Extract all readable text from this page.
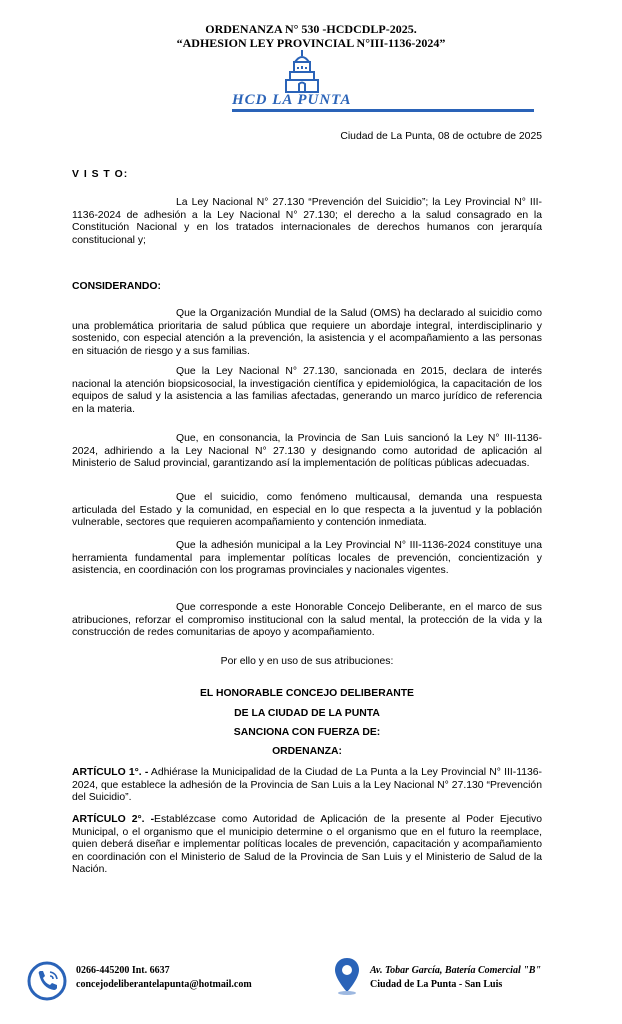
ORDENANZA N° 530 -HCDCDLP-2025.
“ADHESION LEY PROVINCIAL N°III-1136-2024”
HCD LA PUNTA
Ciudad de La Punta, 08 de octubre de 2025
V I S T O:

La Ley Nacional N° 27.130 “Prevención del Suicidio”; la Ley Provincial N° III-1136-2024 de adhesión a la Ley Nacional N° 27.130; el derecho a la salud consagrado en la Constitución Nacional y en los tratados internacionales de derechos humanos con jerarquía constitucional y;

CONSIDERANDO:

Que la Organización Mundial de la Salud (OMS) ha declarado al suicidio como una problemática prioritaria de salud pública que requiere un abordaje integral, interdisciplinario y sostenido, con especial atención a la prevención, la asistencia y el acompañamiento a las personas en situación de riesgo y a sus familias.

Que la Ley Nacional N° 27.130, sancionada en 2015, declara de interés nacional la atención biopsicosocial, la investigación científica y epidemiológica, la capacitación de los equipos de salud y la asistencia a las familias afectadas, generando un marco jurídico de referencia en la materia.

Que, en consonancia, la Provincia de San Luis sancionó la Ley N° III-1136-2024, adhiriendo a la Ley Nacional N° 27.130 y designando como autoridad de aplicación al Ministerio de Salud provincial, garantizando así la implementación de políticas públicas adecuadas.

Que el suicidio, como fenómeno multicausal, demanda una respuesta articulada del Estado y la comunidad, en especial en lo que respecta a la juventud y la población vulnerable, sectores que requieren acompañamiento y contención inmediata.

Que la adhesión municipal a la Ley Provincial N° III-1136-2024 constituye una herramienta fundamental para implementar políticas locales de prevención, concientización y asistencia, en coordinación con los programas provinciales y nacionales vigentes.

Que corresponde a este Honorable Concejo Deliberante, en el marco de sus atribuciones, reforzar el compromiso institucional con la salud mental, la protección de la vida y la construcción de redes comunitarias de apoyo y acompañamiento.

Por ello y en uso de sus atribuciones:

EL HONORABLE CONCEJO DELIBERANTE

DE LA CIUDAD DE LA PUNTA

SANCIONA CON FUERZA DE:

ORDENANZA:

ARTÍCULO 1°. - Adhiérase la Municipalidad de la Ciudad de La Punta a la Ley Provincial N° III-1136-2024, que establece la adhesión de la Provincia de San Luis a la Ley Nacional N° 27.130 “Prevención del Suicidio”.

ARTÍCULO 2°. -Establézcase como Autoridad de Aplicación de la presente al Poder Ejecutivo Municipal, o el organismo que el municipio determine o el organismo que en el futuro la reemplace, quien deberá diseñar e implementar políticas locales de prevención, capacitación y acompañamiento en coordinación con el Ministerio de Salud de la Provincia de San Luis y el Ministerio de Salud de la Nación.

0266-445200 Int. 6637
concejodeliberantelapunta@hotmail.com
Av. Tobar García, Batería Comercial "B"
Ciudad de La Punta - San Luis
